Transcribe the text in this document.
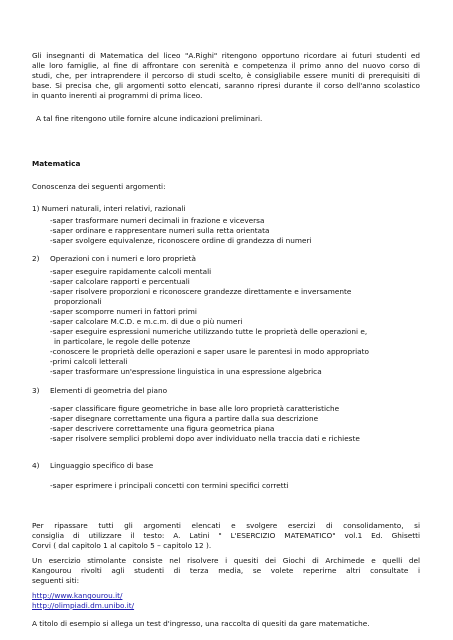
Gli insegnanti di Matematica del liceo "A.Righi" ritengono opportuno ricordare ai futuri studenti ed
alle loro famiglie, al fine di affrontare con serenità e competenza il primo anno del nuovo corso di
studi, che, per intraprendere il percorso di studi scelto, è consigliabile essere muniti di prerequisiti di
base. Si precisa che, gli argomenti sotto elencati, saranno ripresi durante il corso dell'anno scolastico
in quanto inerenti ai programmi di prima liceo.
A tal fine ritengono utile fornire alcune indicazioni preliminari.
Matematica
Conoscenza dei seguenti argomenti:
1) Numeri naturali, interi relativi, razionali
-saper trasformare numeri decimali in frazione e viceversa
-saper ordinare e rappresentare numeri sulla retta orientata
-saper svolgere equivalenze, riconoscere ordine di grandezza di numeri
2) Operazioni con i numeri e loro proprietà
-saper eseguire rapidamente calcoli mentali
-saper calcolare rapporti e percentuali
-saper risolvere proporzioni e riconoscere grandezze direttamente e inversamente
proporzionali
-saper scomporre numeri in fattori primi
-saper calcolare M.C.D. e m.c.m. di due o più numeri
-saper eseguire espressioni numeriche utilizzando tutte le proprietà delle operazioni e,
in particolare, le regole delle potenze
-conoscere le proprietà delle operazioni e saper usare le parentesi in modo appropriato
-primi calcoli letterali
-saper trasformare un'espressione linguistica in una espressione algebrica
3) Elementi di geometria del piano
-saper classificare figure geometriche in base alle loro proprietà caratteristiche
-saper disegnare correttamente una figura a partire dalla sua descrizione
-saper descrivere correttamente una figura geometrica piana
-saper risolvere semplici problemi dopo aver individuato nella traccia dati e richieste
4) Linguaggio specifico di base
-saper esprimere i principali concetti con termini specifici corretti
Per ripassare tutti gli argomenti elencati e svolgere esercizi di consolidamento, si
consiglia di utilizzare il testo: A. Latini " L'ESERCIZIO MATEMATICO" vol.1 Ed. Ghisetti
Corvi ( dal capitolo 1 al capitolo 5 – capitolo 12 ).
Un esercizio stimolante consiste nel risolvere i quesiti dei Giochi di Archimede e quelli del
Kangourou rivolti agli studenti di terza media, se volete reperirne altri consultate i
seguenti siti:
http://www.kangourou.it/
http://olimpiadi.dm.unibo.it/
A titolo di esempio si allega un test d'ingresso, una raccolta di quesiti da gare matematiche.
